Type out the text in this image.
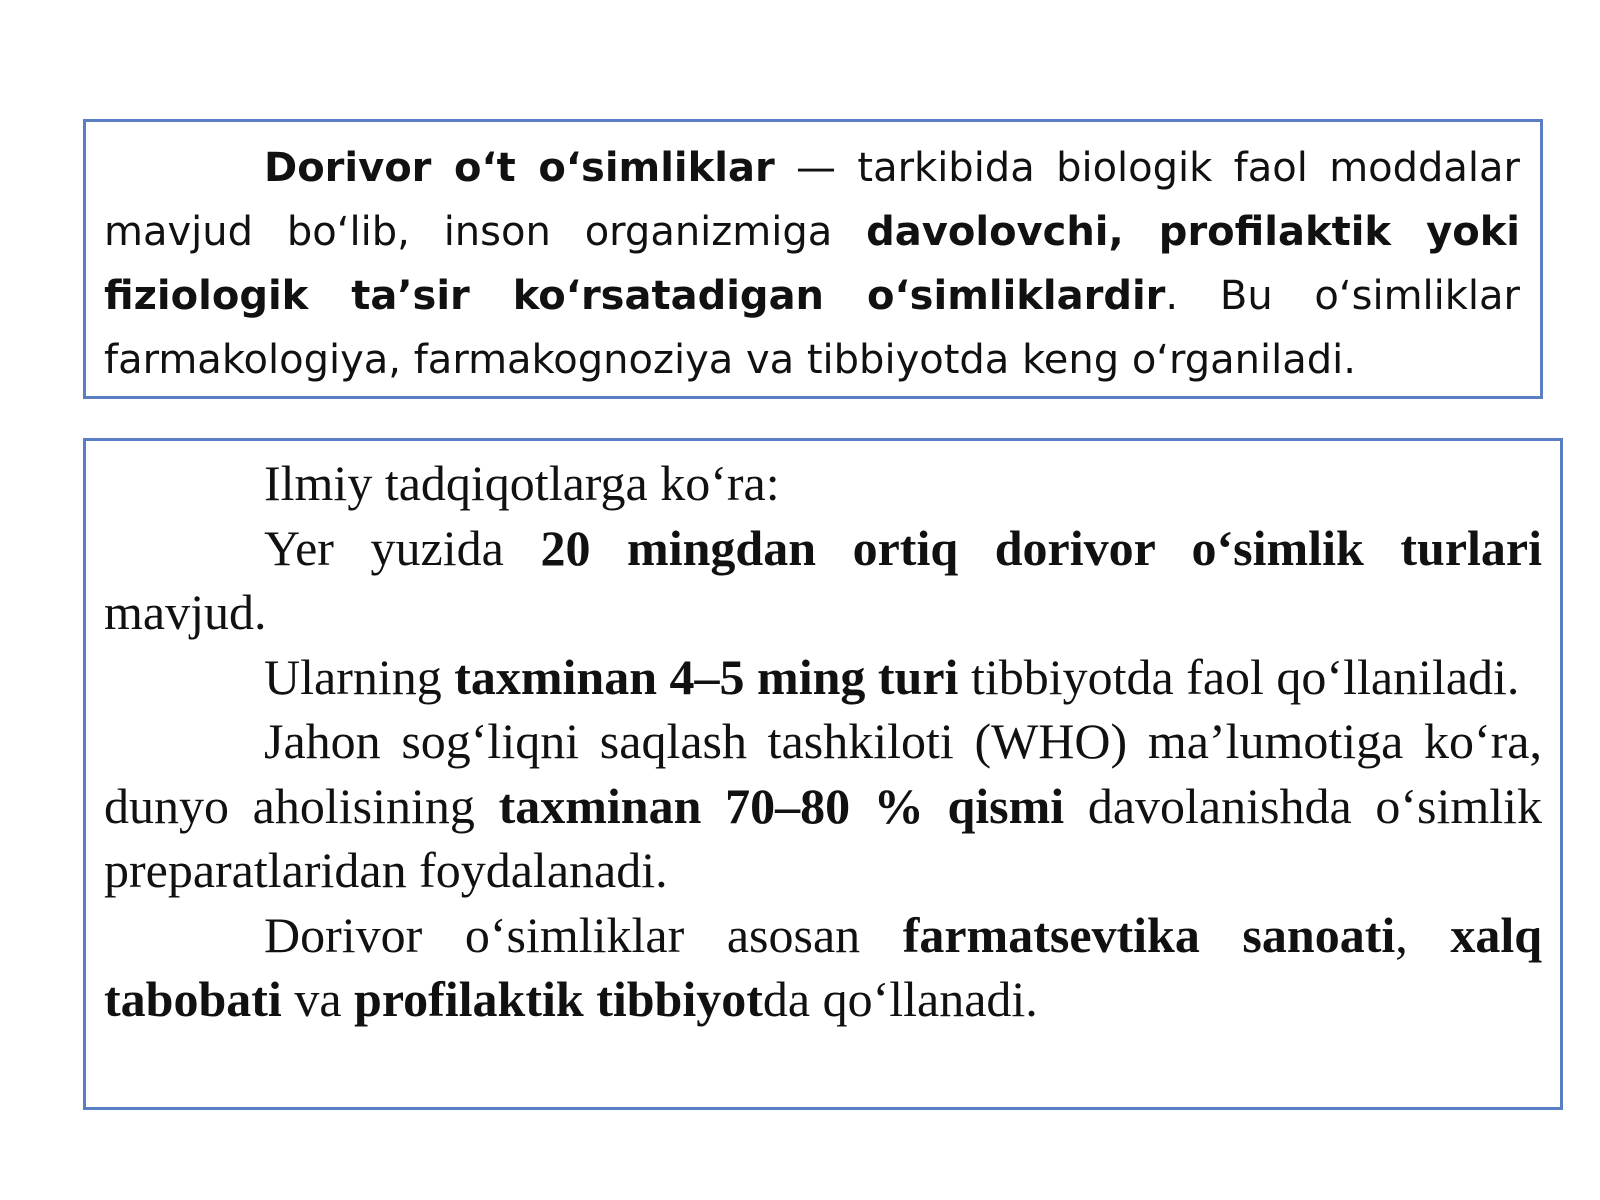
Dorivor o‘t o‘simliklar — tarkibida biologik faol moddalar mavjud bo‘lib, inson organizmiga davolovchi, profilaktik yoki fiziologik ta’sir ko‘rsatadigan o‘simliklardir. Bu o‘simliklar farmakologiya, farmakognoziya va tibbiyotda keng o‘rganiladi.

Ilmiy tadqiqotlarga ko‘ra:

Yer yuzida 20 mingdan ortiq dorivor o‘simlik turlari mavjud.

Ularning taxminan 4–5 ming turi tibbiyotda faol qo‘llaniladi.

Jahon sog‘liqni saqlash tashkiloti (WHO) ma’lumotiga ko‘ra, dunyo aholisining taxminan 70–80 % qismi davolanishda o‘simlik preparatlaridan foydalanadi.

Dorivor o‘simliklar asosan farmatsevtika sanoati, xalq tabobati va profilaktik tibbiyotda qo‘llanadi.
